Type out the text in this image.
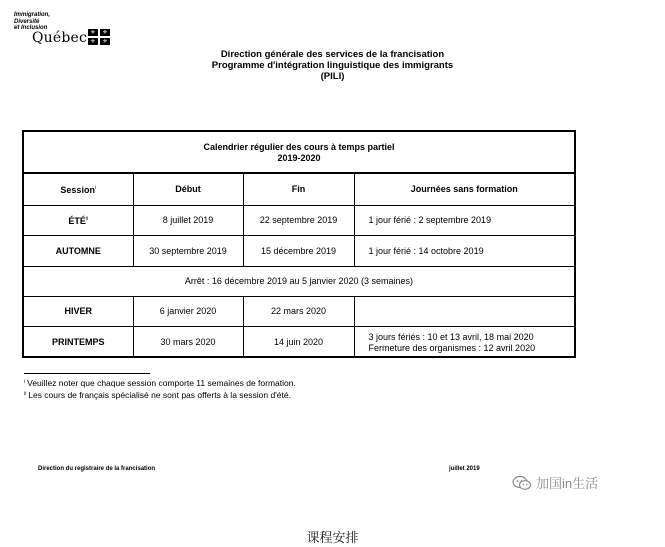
Immigration,
Diversité
et Inclusion
Québec ⚜	⚜
⚜	⚜
Direction générale des services de la francisation
Programme d'intégration linguistique des immigrants
(PILI)
Calendrier régulier des cours à temps partiel
2019-2020
Session$^i$	Début	Fin	Journées sans formation
ÉTÉ$^{ii}$	8 juillet 2019	22 septembre 2019	1 jour férié : 2 septembre 2019
AUTOMNE	30 septembre 2019	15 décembre 2019	1 jour férié : 14 octobre 2019
Arrêt : 16 décembre 2019 au 5 janvier 2020 (3 semaines)			
HIVER	6 janvier 2020	22 mars 2020	
PRINTEMPS	30 mars 2020	14 juin 2020	3 jours fériés : 10 et 13 avril, 18 mai 2020
Fermeture des organismes : 12 avril 2020
$^i$ Veuillez noter que chaque session comporte 11 semaines de formation.
$^{ii}$ Les cours de français spécialisé ne sont pas offerts à la session d'été.
Direction du registraire de la francisation	juillet 2019
加国in生活
课程安排
